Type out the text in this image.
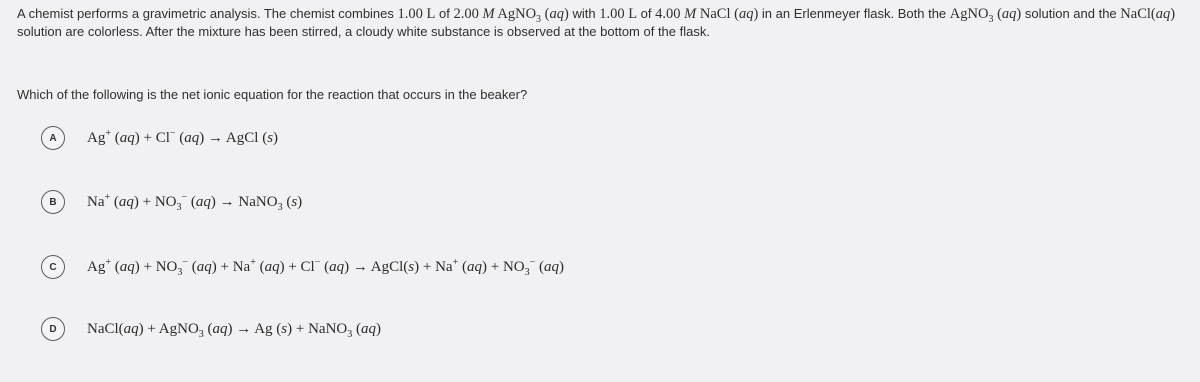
A chemist performs a gravimetric analysis. The chemist combines 1.00 L of 2.00 M AgNO$_3$ (aq) with 1.00 L of 4.00 M NaCl (aq) in an Erlenmeyer flask. Both the AgNO$_3$ (aq) solution and the NaCl(aq) solution are colorless. After the mixture has been stirred, a cloudy white substance is observed at the bottom of the flask.
Which of the following is the net ionic equation for the reaction that occurs in the beaker?
A	Ag+ (aq) + Cl− (aq) → AgCl (s)
B	Na+ $(aq) + NO_3^-$ (aq) → NaNO$_3$ (s)
C	Ag+ $(aq) + NO_3^-$ (aq) + Na+ (aq) + Cl− (aq) → AgCl(s) + Na+ $(aq) + NO_3^-$ (aq)
D	NaCl(aq) + AgNO$_3$ (aq) → Ag (s) + NaNO$_3$ (aq)
